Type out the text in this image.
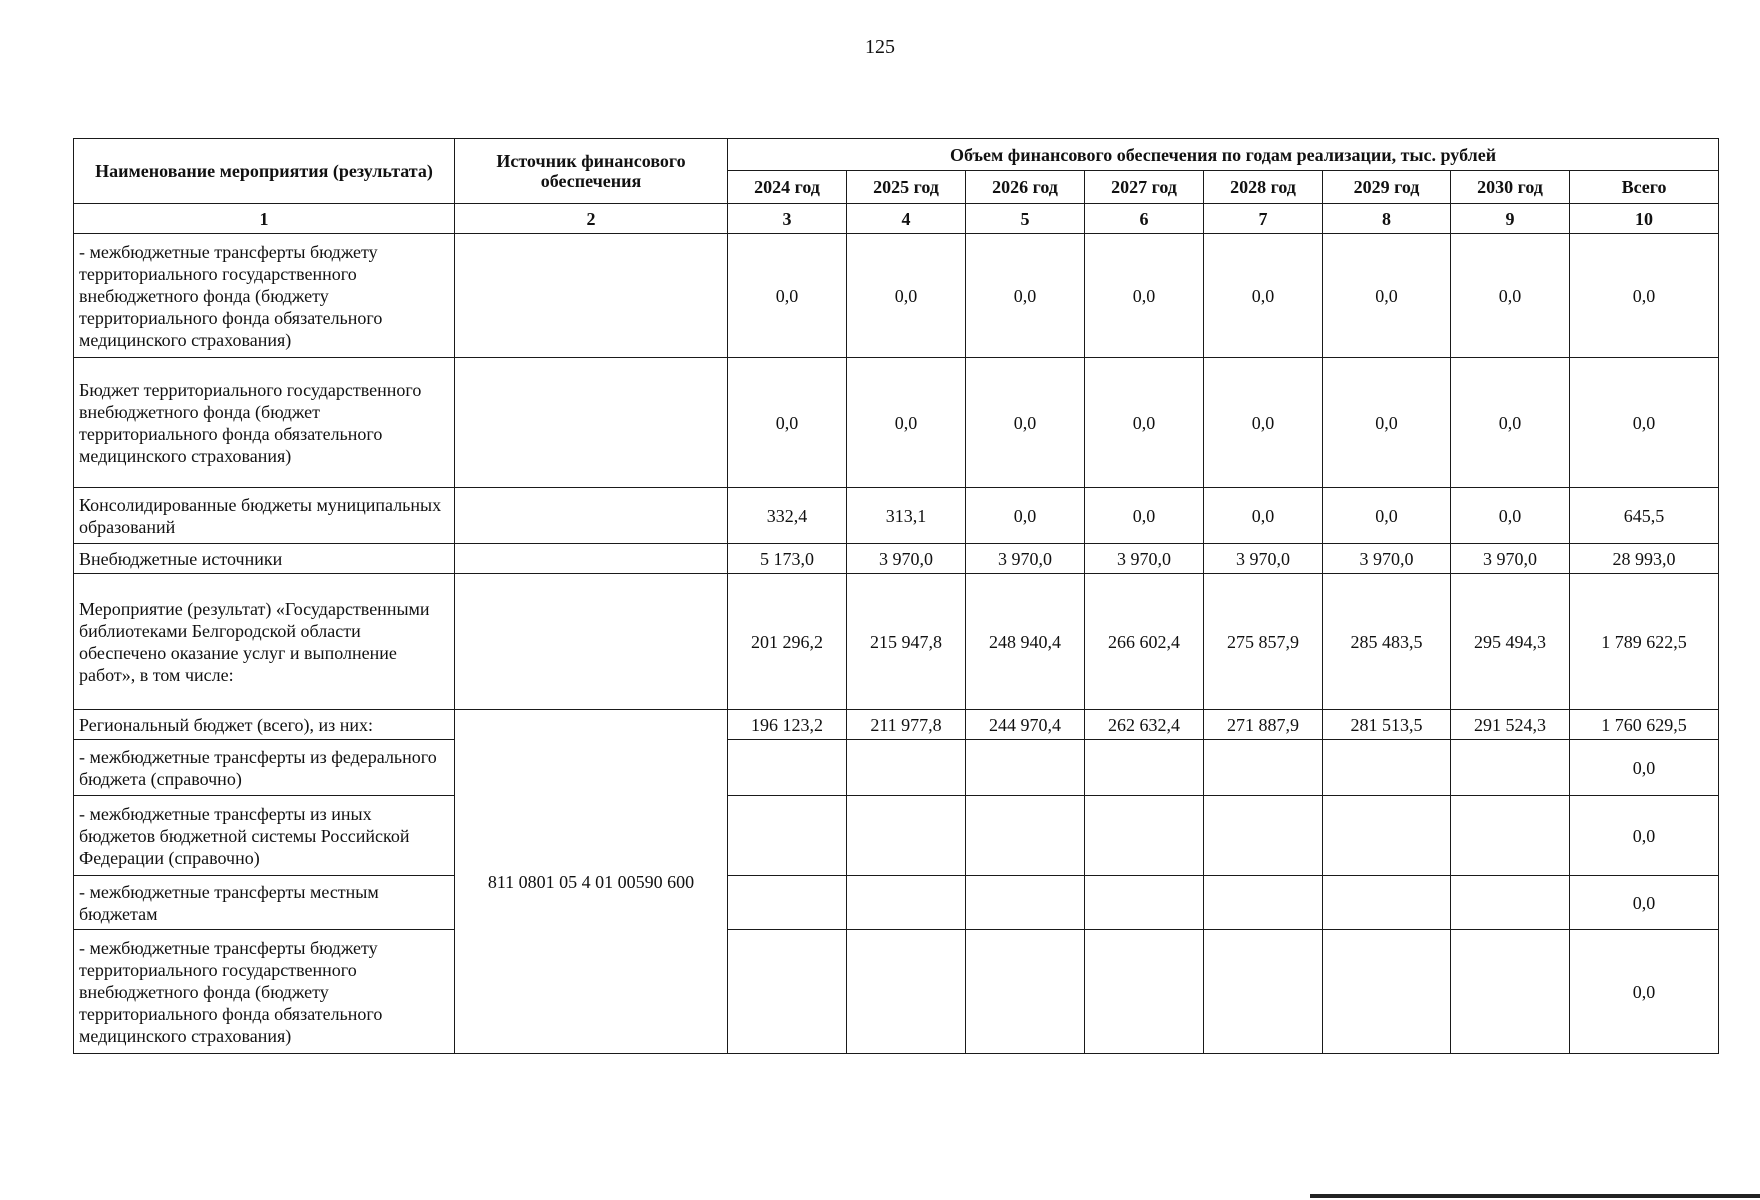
125
Наименование мероприятия (результата)	Источник финансового обеспечения	Объем финансового обеспечения по годам реализации, тыс. рублей							
		2024 год	2025 год	2026 год	2027 год	2028 год	2029 год	2030 год	Всего
1	2	3	4	5	6	7	8	9	10
- межбюджетные трансферты бюджету территориального государственного внебюджетного фонда (бюджету территориального фонда обязательного медицинского страхования)		0,0	0,0	0,0	0,0	0,0	0,0	0,0	0,0
Бюджет территориального государственного внебюджетного фонда (бюджет территориального фонда обязательного медицинского страхования)		0,0	0,0	0,0	0,0	0,0	0,0	0,0	0,0
Консолидированные бюджеты муниципальных образований		332,4	313,1	0,0	0,0	0,0	0,0	0,0	645,5
Внебюджетные источники		5 173,0	3 970,0	3 970,0	3 970,0	3 970,0	3 970,0	3 970,0	28 993,0
Мероприятие (результат) «Государственными библиотеками Белгородской области обеспечено оказание услуг и выполнение работ», в том числе:		201 296,2	215 947,8	248 940,4	266 602,4	275 857,9	285 483,5	295 494,3	1 789 622,5
Региональный бюджет (всего), из них:	811 0801 05 4 01 00590 600	196 123,2	211 977,8	244 970,4	262 632,4	271 887,9	281 513,5	291 524,3	1 760 629,5
- межбюджетные трансферты из федерального бюджета (справочно)									0,0
- межбюджетные трансферты из иных бюджетов бюджетной системы Российской Федерации (справочно)									0,0
- межбюджетные трансферты местным бюджетам									0,0
- межбюджетные трансферты бюджету территориального государственного внебюджетного фонда (бюджету территориального фонда обязательного медицинского страхования)									0,0
